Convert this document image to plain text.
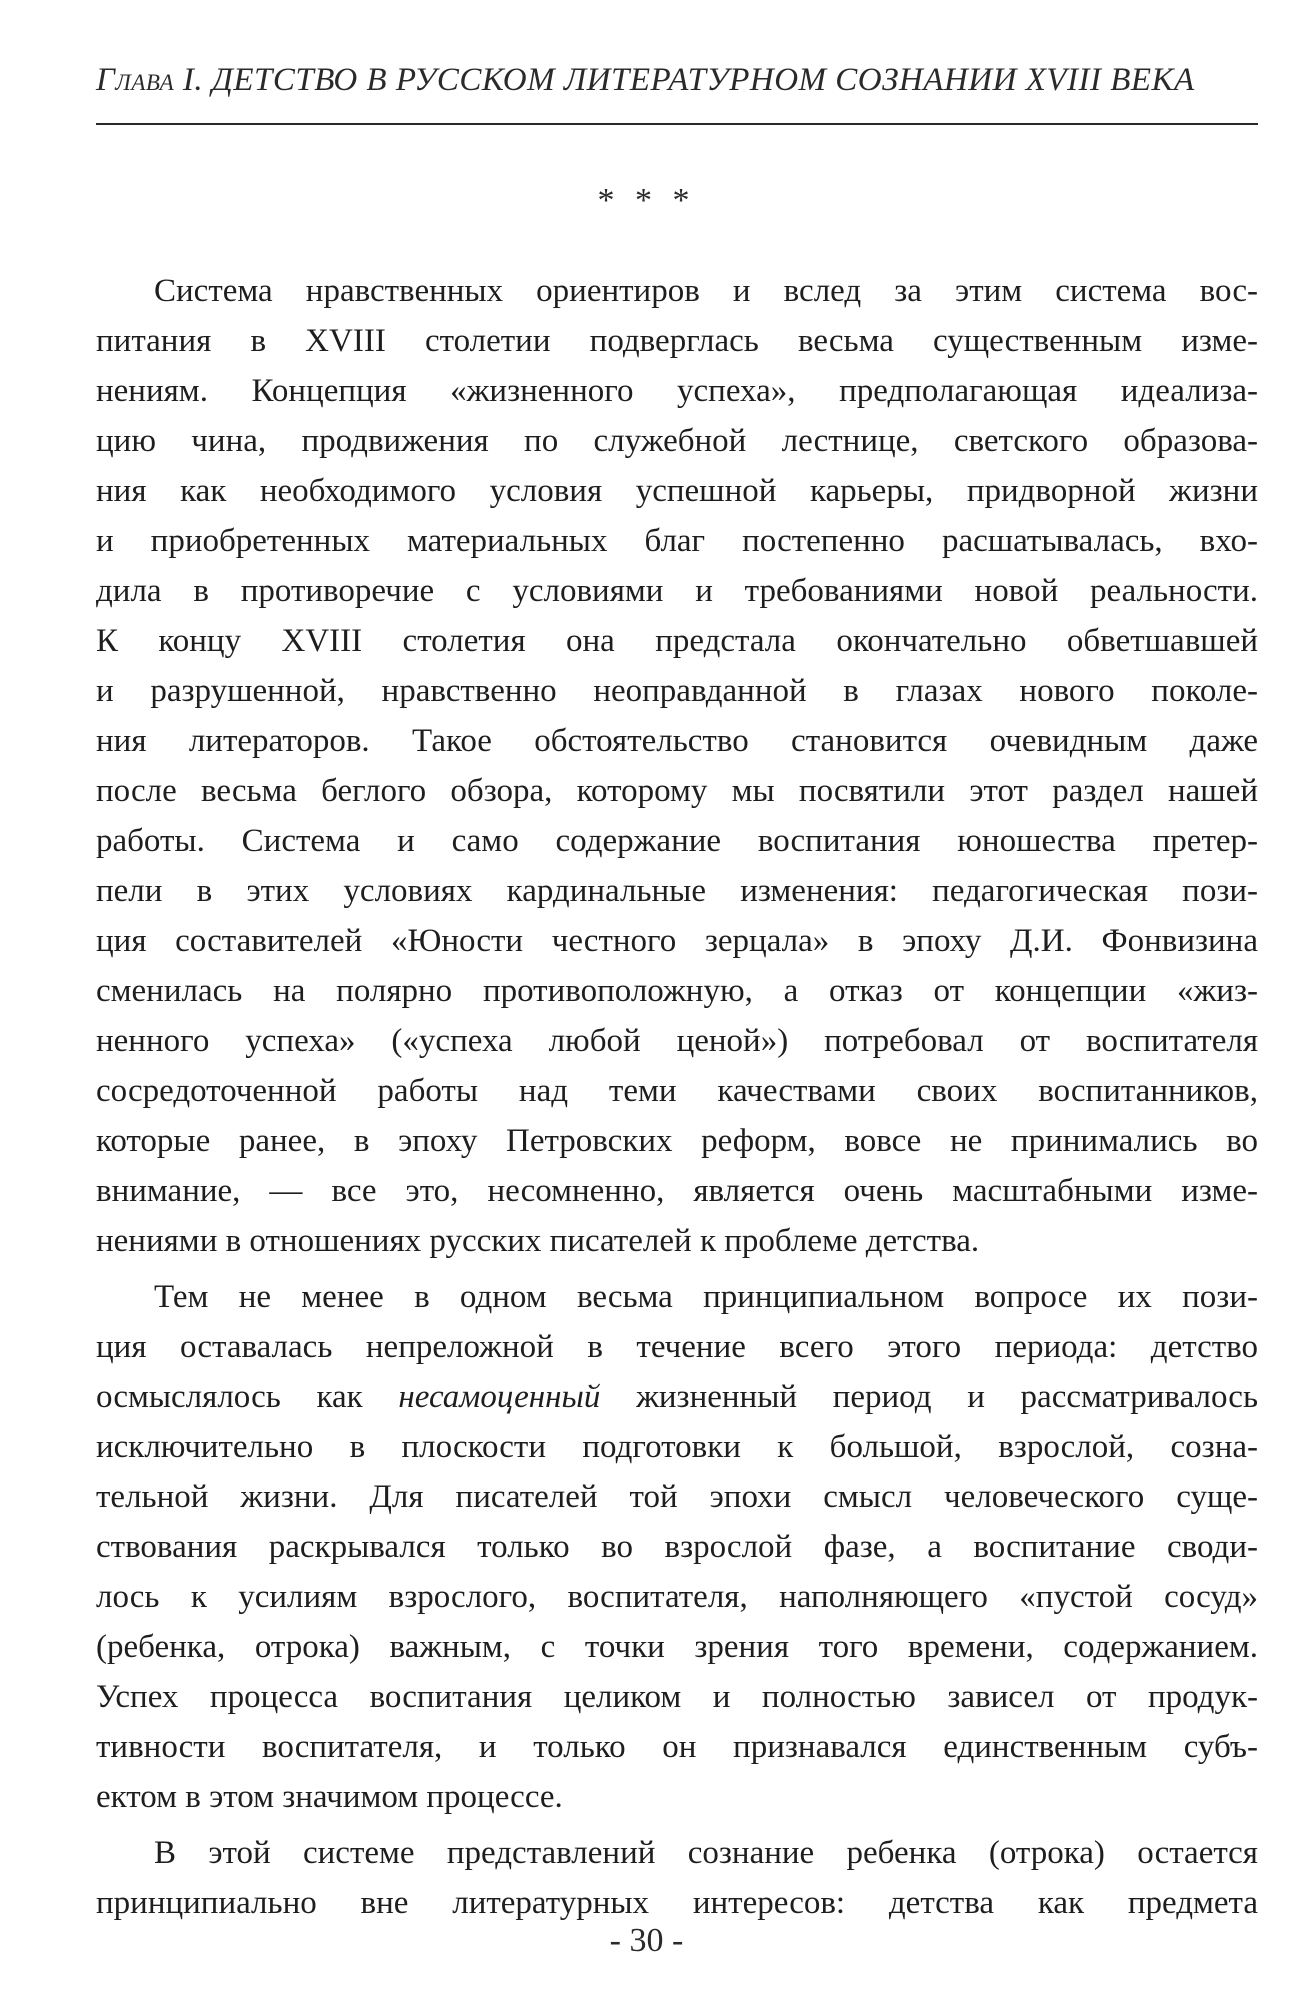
Глава I. ДЕТСТВО В РУССКОМ ЛИТЕРАТУРНОМ СОЗНАНИИ XVIII ВЕКА
* * *
Система нравственных ориентиров и вслед за этим система вос-
питания в XVIII столетии подверглась весьма существенным изме-
нениям. Концепция «жизненного успеха», предполагающая идеализа-
цию чина, продвижения по служебной лестнице, светского образова-
ния как необходимого условия успешной карьеры, придворной жизни
и приобретенных материальных благ постепенно расшатывалась, вхо-
дила в противоречие с условиями и требованиями новой реальности.
К концу XVIII столетия она предстала окончательно обветшавшей
и разрушенной, нравственно неоправданной в глазах нового поколе-
ния литераторов. Такое обстоятельство становится очевидным даже
после весьма беглого обзора, которому мы посвятили этот раздел нашей
работы. Система и само содержание воспитания юношества претер-
пели в этих условиях кардинальные изменения: педагогическая пози-
ция составителей «Юности честного зерцала» в эпоху Д.И. Фонвизина
сменилась на полярно противоположную, а отказ от концепции «жиз-
ненного успеха» («успеха любой ценой») потребовал от воспитателя
сосредоточенной работы над теми качествами своих воспитанников,
которые ранее, в эпоху Петровских реформ, вовсе не принимались во
внимание, — все это, несомненно, является очень масштабными изме-
нениями в отношениях русских писателей к проблеме детства.
Тем не менее в одном весьма принципиальном вопросе их пози-
ция оставалась непреложной в течение всего этого периода: детство
осмыслялось как несамоценный жизненный период и рассматривалось
исключительно в плоскости подготовки к большой, взрослой, созна-
тельной жизни. Для писателей той эпохи смысл человеческого суще-
ствования раскрывался только во взрослой фазе, а воспитание своди-
лось к усилиям взрослого, воспитателя, наполняющего «пустой сосуд»
(ребенка, отрока) важным, с точки зрения того времени, содержанием.
Успех процесса воспитания целиком и полностью зависел от продук-
тивности воспитателя, и только он признавался единственным субъ-
ектом в этом значимом процессе.
В этой системе представлений сознание ребенка (отрока) остается
принципиально вне литературных интересов: детства как предмета
- 30 -
